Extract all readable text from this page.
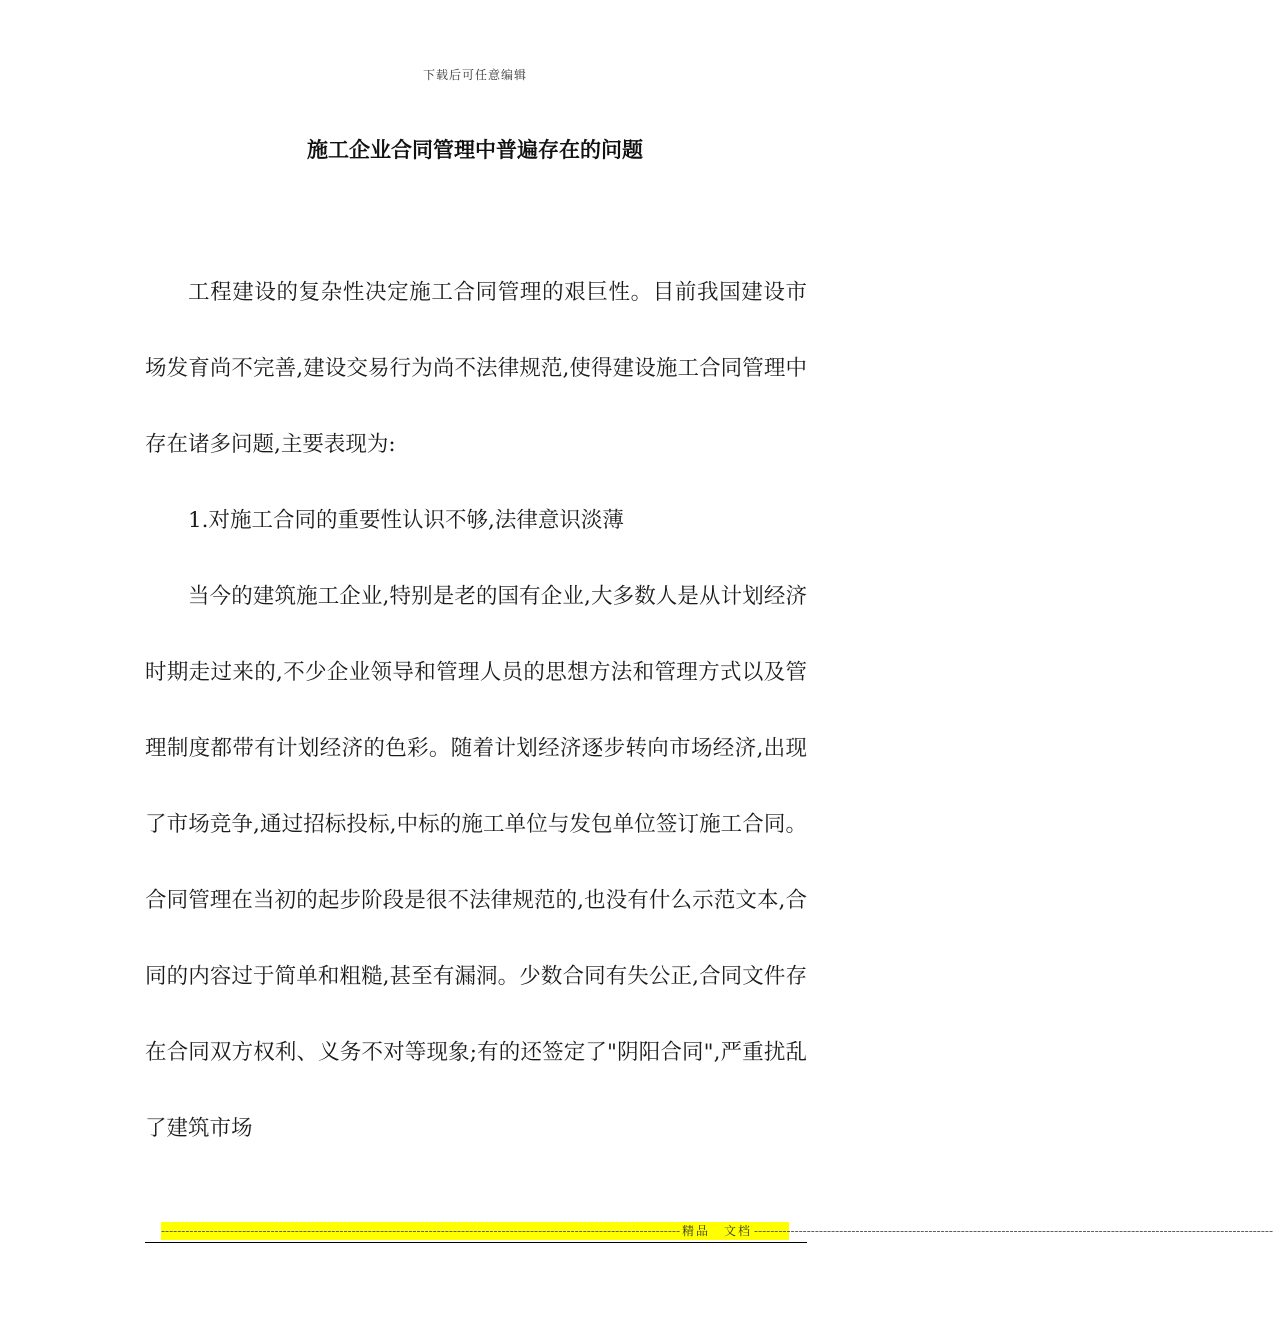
下载后可任意编辑
施工企业合同管理中普遍存在的问题

工程建设的复杂性决定施工合同管理的艰巨性。目前我国建设市场发育尚不完善,建设交易行为尚不法律规范,使得建设施工合同管理中存在诸多问题,主要表现为:

1.对施工合同的重要性认识不够,法律意识淡薄

当今的建筑施工企业,特别是老的国有企业,大多数人是从计划经济时期走过来的,不少企业领导和管理人员的思想方法和管理方式以及管理制度都带有计划经济的色彩。随着计划经济逐步转向市场经济,出现了市场竞争,通过招标投标,中标的施工单位与发包单位签订施工合同。合同管理在当初的起步阶段是很不法律规范的,也没有什么示范文本,合同的内容过于简单和粗糙,甚至有漏洞。少数合同有失公正,合同文件存在合同双方权利、义务不对等现象;有的还签定了"阴阳合同",严重扰乱了建筑市场

-------------------------------------------------------------------------------------------------------------------------------- 精品　文档 --------------------------------------------------------------------------------------------------------------------------------
